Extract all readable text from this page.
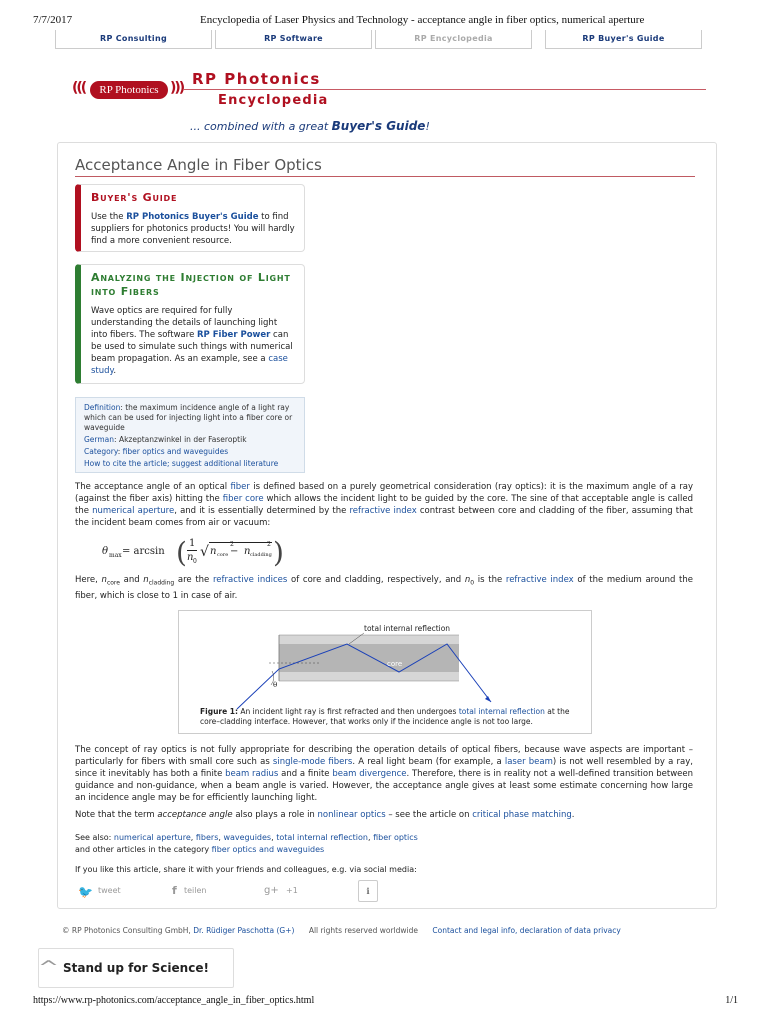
7/7/2017	Encyclopedia of Laser Physics and Technology - acceptance angle in fiber optics, numerical aperture
RP Consulting	RP Software	RP Encyclopedia	RP Buyer's Guide
(((	RP Photonics ))) RP Photonics
Encyclopedia
... combined with a great Buyer's Guide!
Acceptance Angle in Fiber Optics
Buyer's Guide
Use the RP Photonics Buyer's Guide to find suppliers for photonics products! You will hardly find a more convenient resource.
Analyzing the Injection of Light into Fibers
Wave optics are required for fully understanding the details of launching light into fibers. The software RP Fiber Power can be used to simulate such things with numerical beam propagation. As an example, see a case study.
Definition: the maximum incidence angle of a light ray which can be used for injecting light into a fiber core or waveguide
German: Akzeptanzwinkel in der Faseroptik
Category: fiber optics and waveguides
How to cite the article; suggest additional literature
The acceptance angle of an optical fiber is defined based on a purely geometrical consideration (ray optics): it is the maximum angle of a ray (against the fiber axis) hitting the fiber core which allows the incident light to be guided by the core. The sine of that acceptable angle is called the numerical aperture, and it is essentially determined by the refractive index contrast between core and cladding of the fiber, assuming that the incident beam comes from air or vacuum:
θ max = arcsin ( 1
n 0
√ n core
2
− n cladding
2 )
Here, $n_{core}$ and $n_{cladding}$ are the refractive indices of core and cladding, respectively, and $n_0$ is the refractive index of the medium around the fiber, which is close to 1 in case of air.
total internal reflection
core
θ
Figure 1: An incident light ray is first refracted and then undergoes total internal reflection at the core–cladding interface. However, that works only if the incidence angle is not too large.
The concept of ray optics is not fully appropriate for describing the operation details of optical fibers, because wave aspects are important – particularly for fibers with small core such as single-mode fibers. A real light beam (for example, a laser beam) is not well resembled by a ray, since it inevitably has both a finite beam radius and a finite beam divergence. Therefore, there is in reality not a well-defined transition between guidance and non-guidance, when a beam angle is varied. However, the acceptance angle gives at least some estimate concerning how large an incidence angle may be for efficiently launching light.
Note that the term acceptance angle also plays a role in nonlinear optics – see the article on critical phase matching.
See also: numerical aperture, fibers, waveguides, total internal reflection, fiber optics
and other articles in the category fiber optics and waveguides
If you like this article, share it with your friends and colleagues, e.g. via social media:
🐦 tweet	f teilen	g+ +1	i
© RP Photonics Consulting GmbH, Dr. Rüdiger Paschotta (G+) All rights reserved worldwide Contact and legal info, declaration of data privacy
^ Stand up for Science!
https://www.rp-photonics.com/acceptance_angle_in_fiber_optics.html	1/1
